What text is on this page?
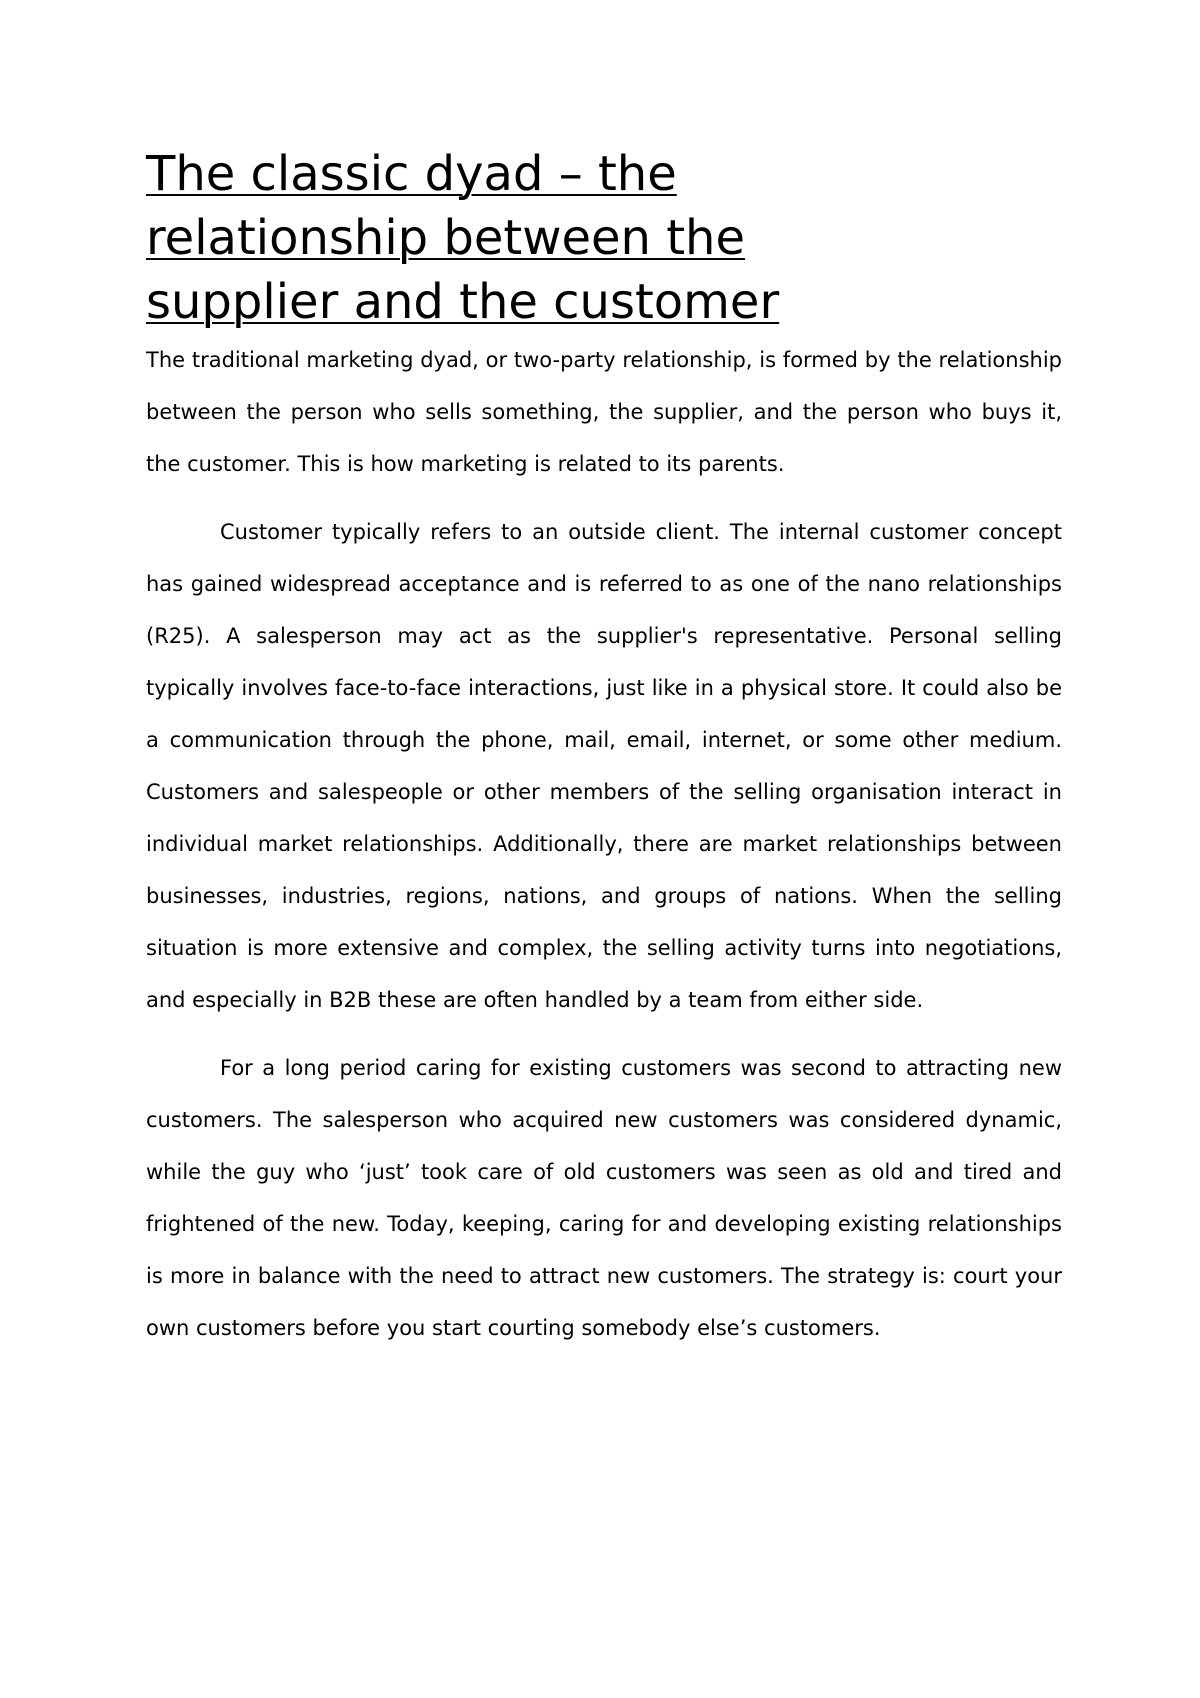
The classic dyad – the relationship between the supplier and the customer

The traditional marketing dyad, or two-party relationship, is formed by the relationship between the person who sells something, the supplier, and the person who buys it, the customer. This is how marketing is related to its parents.

Customer typically refers to an outside client. The internal customer concept has gained widespread acceptance and is referred to as one of the nano relationships (R25). A salesperson may act as the supplier's representative. Personal selling typically involves face-to-face interactions, just like in a physical store. It could also be a communication through the phone, mail, email, internet, or some other medium. Customers and salespeople or other members of the selling organisation interact in individual market relationships. Additionally, there are market relationships between businesses, industries, regions, nations, and groups of nations. When the selling situation is more extensive and complex, the selling activity turns into negotiations, and especially in B2B these are often handled by a team from either side.

For a long period caring for existing customers was second to attracting new customers. The salesperson who acquired new customers was considered dynamic, while the guy who ‘just’ took care of old customers was seen as old and tired and frightened of the new. Today, keeping, caring for and developing existing relationships is more in balance with the need to attract new customers. The strategy is: court your own customers before you start courting somebody else’s customers.
